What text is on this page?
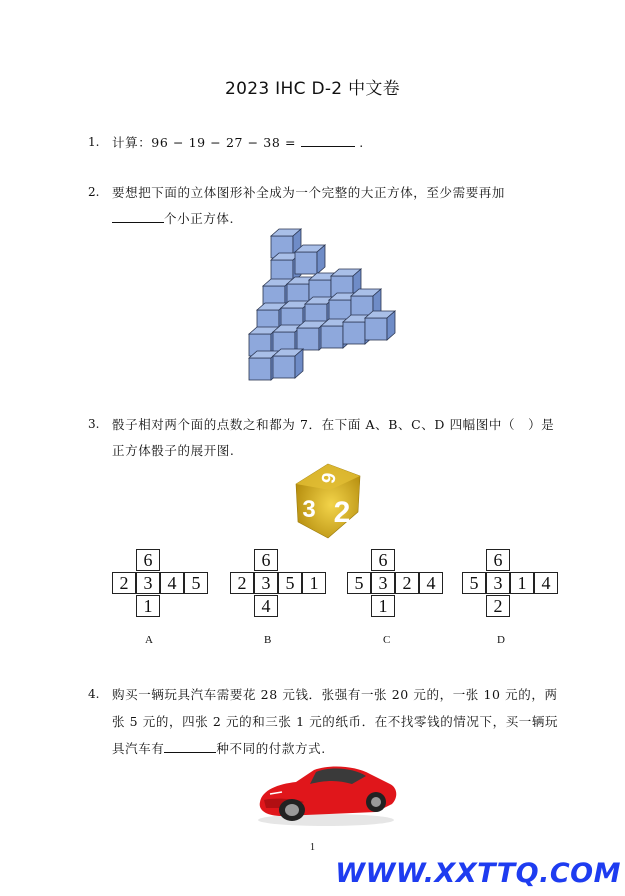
2023 IHC D-2 中文卷
1. 计算：96 − 19 − 27 − 38 =	.
2. 要想把下面的立体图形补全成为一个完整的大正方体，至少需要再加
个小正方体.
3. 骰子相对两个面的点数之和都为 7．在下面 A、B、C、D 四幅图中（　）是
正方体骰子的展开图.
6
2
3
6
2 3 4 5
1
A
6
2 3 5 1
4
B
6
5 3 2 4
1
C
6
5 3 1 4
2
D
4. 购买一辆玩具汽车需要花 28 元钱．张强有一张 20 元的，一张 10 元的，两
张 5 元的，四张 2 元的和三张 1 元的纸币．在不找零钱的情况下，买一辆玩
具汽车有	种不同的付款方式.
1
WWW.XXTTQ.COM
